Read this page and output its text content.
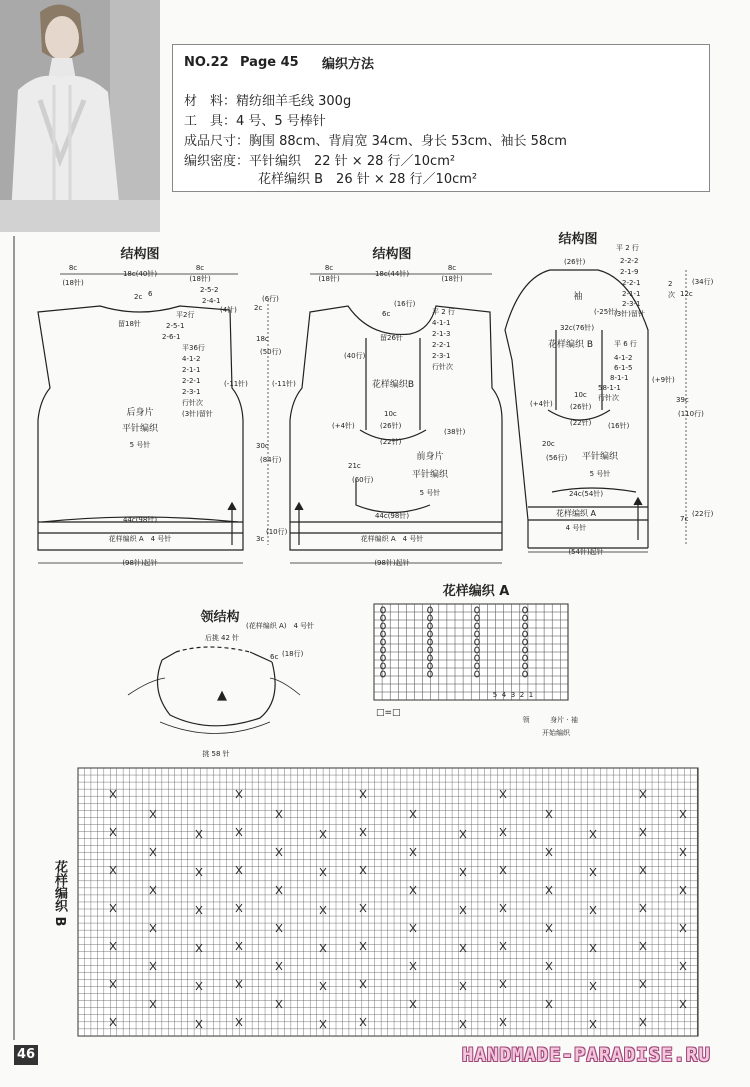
NO.22 Page 45 编织方法
材　料：精纺细羊毛线 300g
工　具：4 号、5 号棒针
成品尺寸：胸围 88cm、背肩宽 34cm、身长 53cm、袖长 58cm
编织密度：平针编织　22 针 × 28 行／10cm²
花样编织 B　26 针 × 28 行／10cm²
结构图	结构图
结构图
领结构
花样编织 A
花样编织 B
8c
(18针)
18c(40针)
8c
(18针)
2-5-2
2-4-1
(4针)
2c 6
留18针
平2行
2-5-1
2-6-1
平36行
4-1-2
2-1-1
2-2-1
2-3-1
行针次
(3针)留针
(-11针)	(-11针)
后身片
平针编织
5 号针
44c(98针)
花样编织 A　4 号针
(98针)起针
2c
(6行)
18c
(50行)
30c
(84行)
3c
(10行)
8c
(18针)
18c(44针)
8c
(18针)
6c
(16行)
留26针
平 2 行
4-1-1
2-1-3
2-2-1
2-3-1
行针次
(40行)
花样编织B
10c
(26针)
(22针)
(+4针)
(38针)
21c
(60行)
前身片
平针编织
5 号针
44c(98针)
花样编织 A　4 号针
(98针)起针
平 2 行
(26针)	2-2-2
2-1-9
2-2-1
2-1-1
2-3-1
(3针)留针
2
次 12c
(34行)
袖
(-25针)
32c(76针)
花样编织 B	平 6 行
4-1-2
6-1-5
8-1-1
58-1-1
行针次
(+9针)
(+4针)
10c
(26针)
(22针) (16针)
39c
(110行)
20c
(56行) 平针编织
5 号针
24c(54针)
花样编织 A
4 号针
(54针)起针
7c
(22行)
(花样编织 A)　4 号针
后挑 42 针
6c (18行)
挑 58 针
□=□
领	身片 · 袖
开始编织
5 4 3 2 1
46	HANDMADE-PARADISE.RU
